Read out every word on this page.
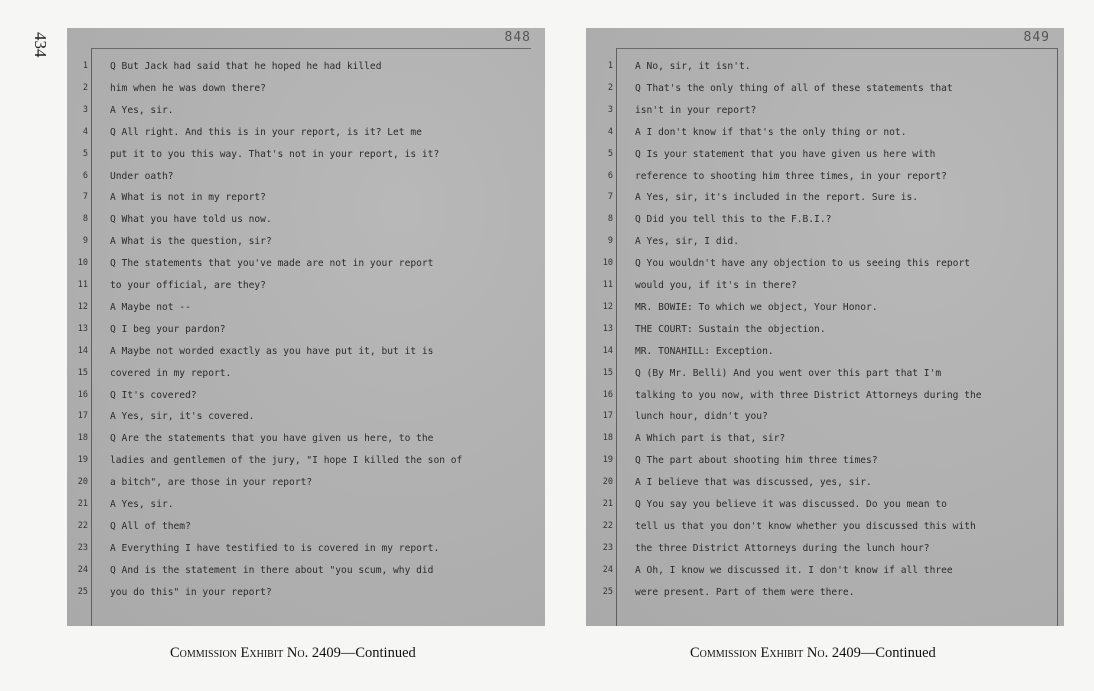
434	848
1 Q But Jack had said that he hoped he had killed
2 him when he was down there?
3 A Yes, sir.
4 Q All right. And this is in your report, is it? Let me
5 put it to you this way. That's not in your report, is it?
6 Under oath?
7 A What is not in my report?
8 Q What you have told us now.
9 A What is the question, sir?
10 Q The statements that you've made are not in your report
11 to your official, are they?
12 A Maybe not --
13 Q I beg your pardon?
14 A Maybe not worded exactly as you have put it, but it is
15 covered in my report.
16 Q It's covered?
17 A Yes, sir, it's covered.
18 Q Are the statements that you have given us here, to the
19 ladies and gentlemen of the jury, "I hope I killed the son of
20 a bitch", are those in your report?
21 A Yes, sir.
22 Q All of them?
23 A Everything I have testified to is covered in my report.
24 Q And is the statement in there about "you scum, why did
25 you do this" in your report?
849
1 A No, sir, it isn't.
2 Q That's the only thing of all of these statements that
3 isn't in your report?
4 A I don't know if that's the only thing or not.
5 Q Is your statement that you have given us here with
6 reference to shooting him three times, in your report?
7 A Yes, sir, it's included in the report. Sure is.
8 Q Did you tell this to the F.B.I.?
9 A Yes, sir, I did.
10 Q You wouldn't have any objection to us seeing this report
11 would you, if it's in there?
12 MR. BOWIE: To which we object, Your Honor.
13 THE COURT: Sustain the objection.
14 MR. TONAHILL: Exception.
15 Q (By Mr. Belli) And you went over this part that I'm
16 talking to you now, with three District Attorneys during the
17 lunch hour, didn't you?
18 A Which part is that, sir?
19 Q The part about shooting him three times?
20 A I believe that was discussed, yes, sir.
21 Q You say you believe it was discussed. Do you mean to
22 tell us that you don't know whether you discussed this with
23 the three District Attorneys during the lunch hour?
24 A Oh, I know we discussed it. I don't know if all three
25 were present. Part of them were there.
Commission Exhibit No. 2409—Continued	Commission Exhibit No. 2409—Continued
